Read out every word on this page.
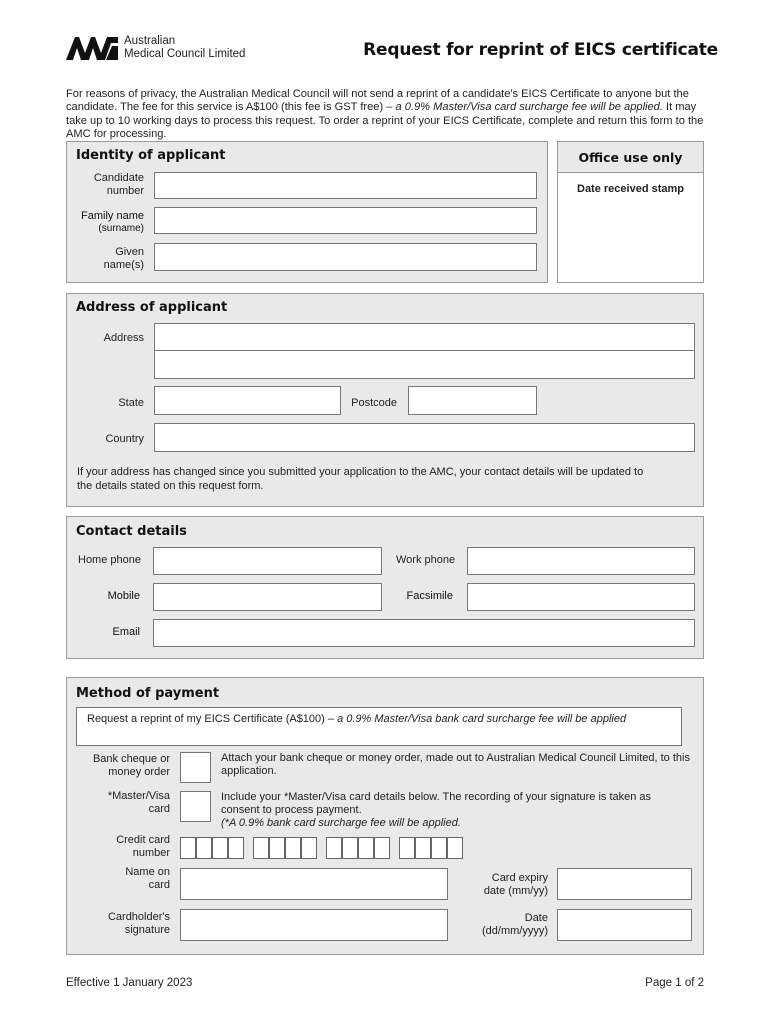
Australian
Medical Council Limited	Request for reprint of EICS certificate
For reasons of privacy, the Australian Medical Council will not send a reprint of a candidate's EICS Certificate to anyone but the candidate. The fee for this service is A$100 (this fee is GST free) – a 0.9% Master/Visa card surcharge fee will be applied. It may take up to 10 working days to process this request. To order a reprint of your EICS Certificate, complete and return this form to the AMC for processing.
Identity of applicant
Candidate
number
Family name
(surname)
Given
name(s)
Office use only
Date received stamp
Address of applicant
Address
State	Postcode
Country
If your address has changed since you submitted your application to the AMC, your contact details will be updated to the details stated on this request form.
Contact details
Home phone	Work phone
Mobile	Facsimile
Email
Method of payment
Request a reprint of my EICS Certificate (A$100) – a 0.9% Master/Visa bank card surcharge fee will be applied
Bank cheque or
money order
Attach your bank cheque or money order, made out to Australian Medical Council Limited, to this application.
*Master/Visa
card
Include your *Master/Visa card details below. The recording of your signature is taken as consent to process payment.
(*A 0.9% bank card surcharge fee will be applied.
Credit card
number
Name on
card
Card expiry
date (mm/yy)
Cardholder's
signature
Date
(dd/mm/yyyy)
Effective 1 January 2023	Page 1 of 2
